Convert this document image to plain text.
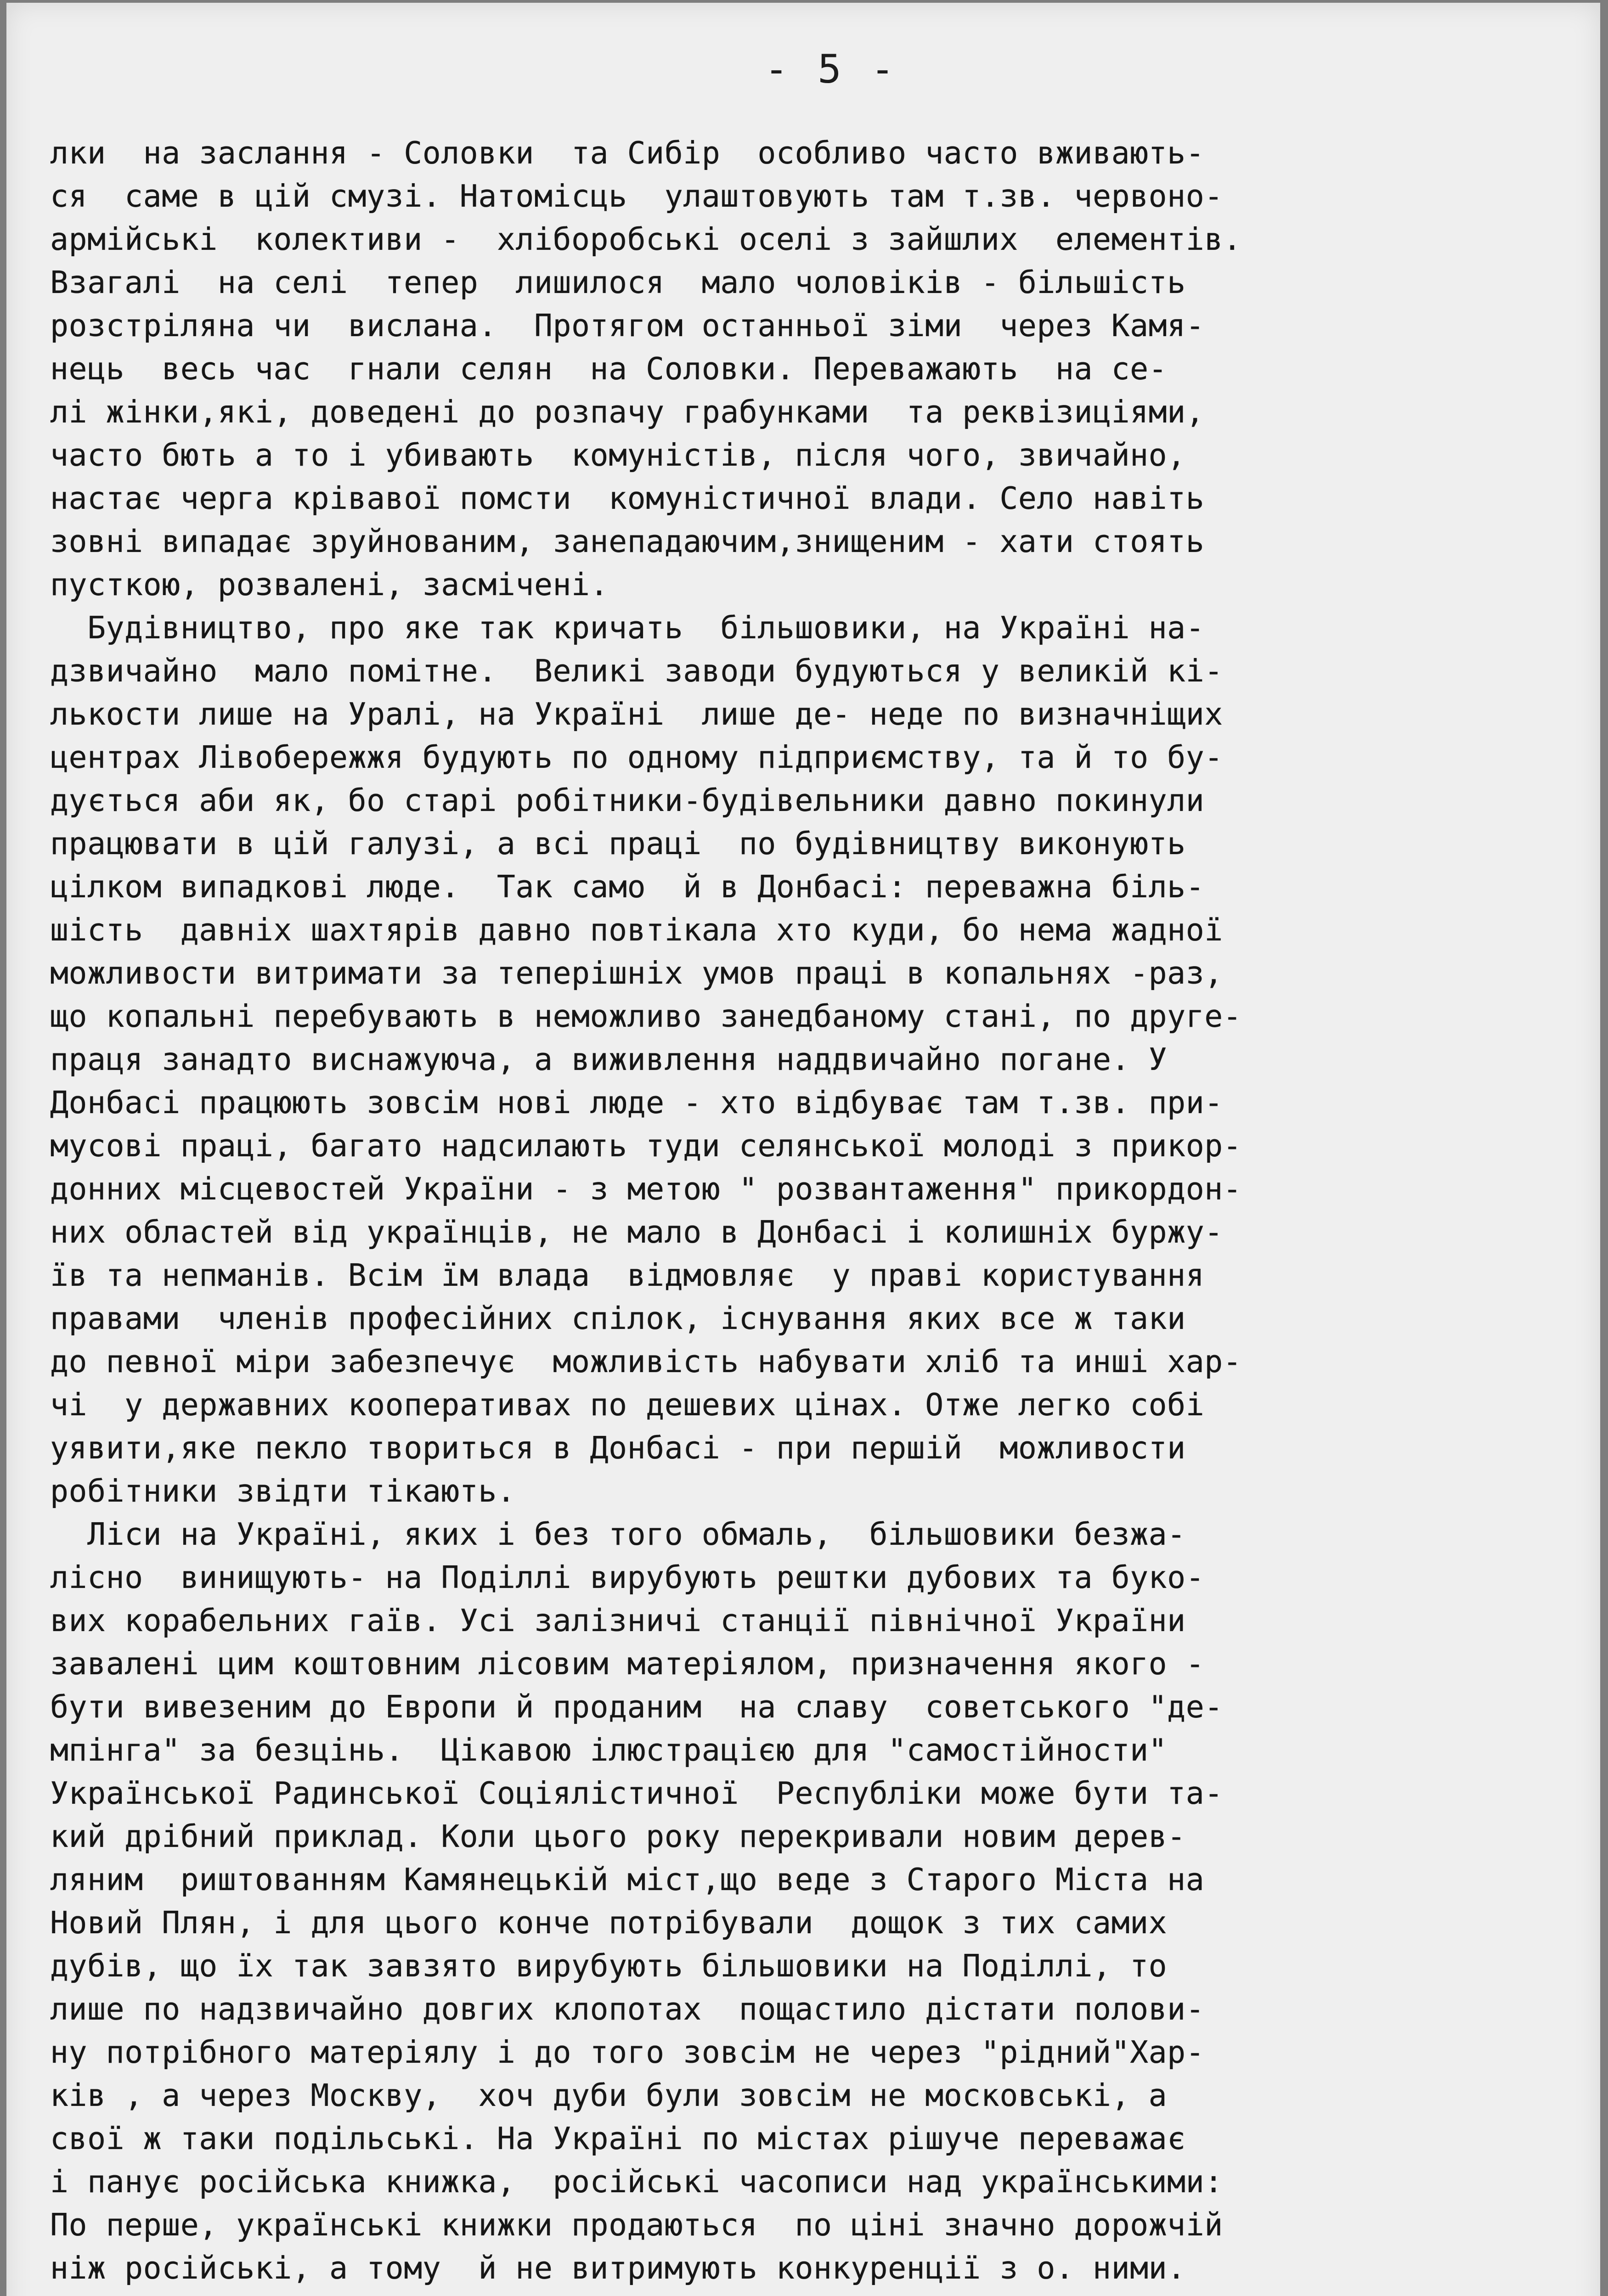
- 5 -
лки  на заслання - Соловки  та Сибір  особливо часто вживають-
ся  саме в цій смузі. Натомісць  улаштовують там т.зв. червоно-
армійські  колективи -  хліборобські оселі з зайшлих  елементів.
Взагалі  на селі  тепер  лишилося  мало чоловіків - більшість
розстріляна чи  вислана.  Протягом останньої зіми  через Камя-
нець  весь час  гнали селян  на Соловки. Переважають  на се-
лі жінки,які, доведені до розпачу грабунками  та реквізиціями,
часто бють а то і убивають  комуністів, після чого, звичайно,
настає черга крівавої помсти  комуністичної влади. Село навіть
зовні випадає зруйнованим, занепадаючим,знищеним - хати стоять
пусткою, розвалені, засмічені.
Будівництво, про яке так кричать  більшовики, на Україні на-
дзвичайно  мало помітне.  Великі заводи будуються у великій кі-
лькости лише на Уралі, на Україні  лише де- неде по визначніщих
центрах Лівобережжя будують по одному підприємству, та й то бу-
дується аби як, бо старі робітники-будівельники давно покинули
працювати в цій галузі, а всі праці  по будівництву виконують
цілком випадкові люде.  Так само  й в Донбасі: переважна біль-
шість  давніх шахтярів давно повтікала хто куди, бо нема жадної
можливости витримати за теперішніх умов праці в копальнях -раз,
що копальні перебувають в неможливо занедбаному стані, по друге-
праця занадто виснажуюча, а виживлення наддвичайно погане. У
Донбасі працюють зовсім нові люде - хто відбуває там т.зв. при-
мусові праці, багато надсилають туди селянської молоді з прикор-
донних місцевостей України - з метою " розвантаження" прикордон-
них областей від українців, не мало в Донбасі і колишніх буржу-
їв та непманів. Всім їм влада  відмовляє  у праві користування
правами  членів професійних спілок, існування яких все ж таки
до певної міри забезпечує  можливість набувати хліб та инші хар-
чі  у державних кооперативах по дешевих цінах. Отже легко собі
уявити,яке пекло твориться в Донбасі - при першій  можливости
робітники звідти тікають.
Ліси на Україні, яких і без того обмаль,  більшовики безжа-
лісно  винищують- на Поділлі вирубують рештки дубових та буко-
вих корабельних гаїв. Усі залізничі станції північної України
завалені цим коштовним лісовим матеріялом, призначення якого -
бути вивезеним до Европи й проданим  на славу  советського "де-
мпінга" за безцінь.  Цікавою ілюстрацією для "самостійности"
Української Радинської Соціялістичної  Республіки може бути та-
кий дрібний приклад. Коли цього року перекривали новим дерев-
ляним  риштованням Камянецькій міст,що веде з Старого Міста на
Новий Плян, і для цього конче потрібували  дощок з тих самих
дубів, що їх так завзято вирубують більшовики на Поділлі, то
лише по надзвичайно довгих клопотах  пощастило дістати полови-
ну потрібного матеріялу і до того зовсім не через "рідний"Хар-
ків , а через Москву,  хоч дуби були зовсім не московські, а
свої ж таки подільські. На Україні по містах рішуче переважає
і панує російська книжка,  російські часописи над українськими:
По перше, українські книжки продаються  по ціні значно дорожчій
ніж російські, а тому  й не витримують конкуренції з о. ними.
